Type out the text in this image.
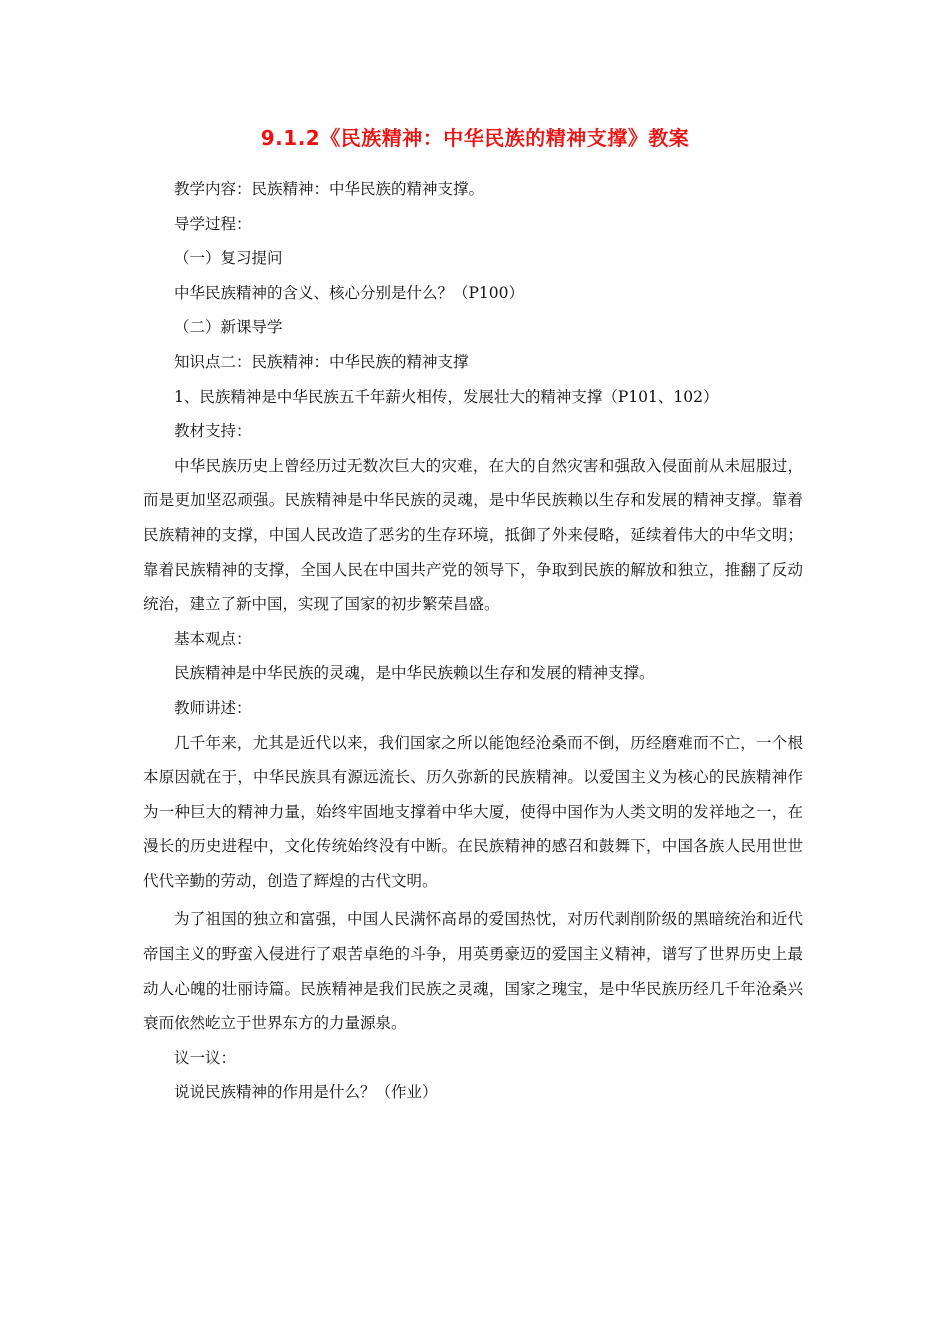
9.1.2《民族精神：中华民族的精神支撑》教案

教学内容：民族精神：中华民族的精神支撑。

导学过程：

（一）复习提问

中华民族精神的含义、核心分别是什么？（P100）

（二）新课导学

知识点二：民族精神：中华民族的精神支撑

1、民族精神是中华民族五千年薪火相传，发展壮大的精神支撑（P101、102）

教材支持：

中华民族历史上曾经历过无数次巨大的灾难，在大的自然灾害和强敌入侵面前从未屈服过，而是更加坚忍顽强。民族精神是中华民族的灵魂，是中华民族赖以生存和发展的精神支撑。靠着民族精神的支撑，中国人民改造了恶劣的生存环境，抵御了外来侵略，延续着伟大的中华文明；靠着民族精神的支撑，全国人民在中国共产党的领导下，争取到民族的解放和独立，推翻了反动统治，建立了新中国，实现了国家的初步繁荣昌盛。

基本观点：

民族精神是中华民族的灵魂，是中华民族赖以生存和发展的精神支撑。

教师讲述：

几千年来，尤其是近代以来，我们国家之所以能饱经沧桑而不倒，历经磨难而不亡，一个根本原因就在于，中华民族具有源远流长、历久弥新的民族精神。以爱国主义为核心的民族精神作为一种巨大的精神力量，始终牢固地支撑着中华大厦，使得中国作为人类文明的发祥地之一，在漫长的历史进程中，文化传统始终没有中断。在民族精神的感召和鼓舞下，中国各族人民用世世代代辛勤的劳动，创造了辉煌的古代文明。

为了祖国的独立和富强，中国人民满怀高昂的爱国热忱，对历代剥削阶级的黑暗统治和近代帝国主义的野蛮入侵进行了艰苦卓绝的斗争，用英勇豪迈的爱国主义精神，谱写了世界历史上最动人心魄的壮丽诗篇。民族精神是我们民族之灵魂，国家之瑰宝，是中华民族历经几千年沧桑兴衰而依然屹立于世界东方的力量源泉。

议一议：

说说民族精神的作用是什么？（作业）
